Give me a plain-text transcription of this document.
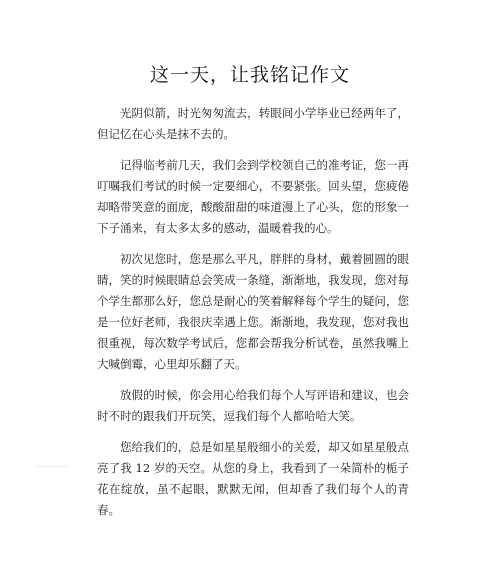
这一天，让我铭记作文

光阴似箭，时光匆匆流去，转眼间小学毕业已经两年了，但记忆在心头是抹不去的。

记得临考前几天，我们会到学校领自己的准考证，您一再叮嘱我们考试的时候一定要细心，不要紧张。回头望，您疲倦却略带笑意的面庞，酸酸甜甜的味道漫上了心头，您的形象一下子涌来，有太多太多的感动，温暖着我的心。

初次见您时，您是那么平凡，胖胖的身材，戴着圆圆的眼睛，笑的时候眼睛总会笑成一条缝，渐渐地，我发现，您对每个学生都那么好，您总是耐心的笑着解释每个学生的疑问，您是一位好老师，我很庆幸遇上您。渐渐地，我发现，您对我也很重视，每次数学考试后，您都会帮我分析试卷，虽然我嘴上大喊倒霉，心里却乐翻了天。

放假的时候，你会用心给我们每个人写评语和建议，也会时不时的跟我们开玩笑，逗我们每个人都哈哈大笑。

您给我们的，总是如星星般细小的关爱，却又如星星般点亮了我 12 岁的天空。从您的身上，我看到了一朵简朴的栀子花在绽放，虽不起眼，默默无闻，但却香了我们每个人的青春。
